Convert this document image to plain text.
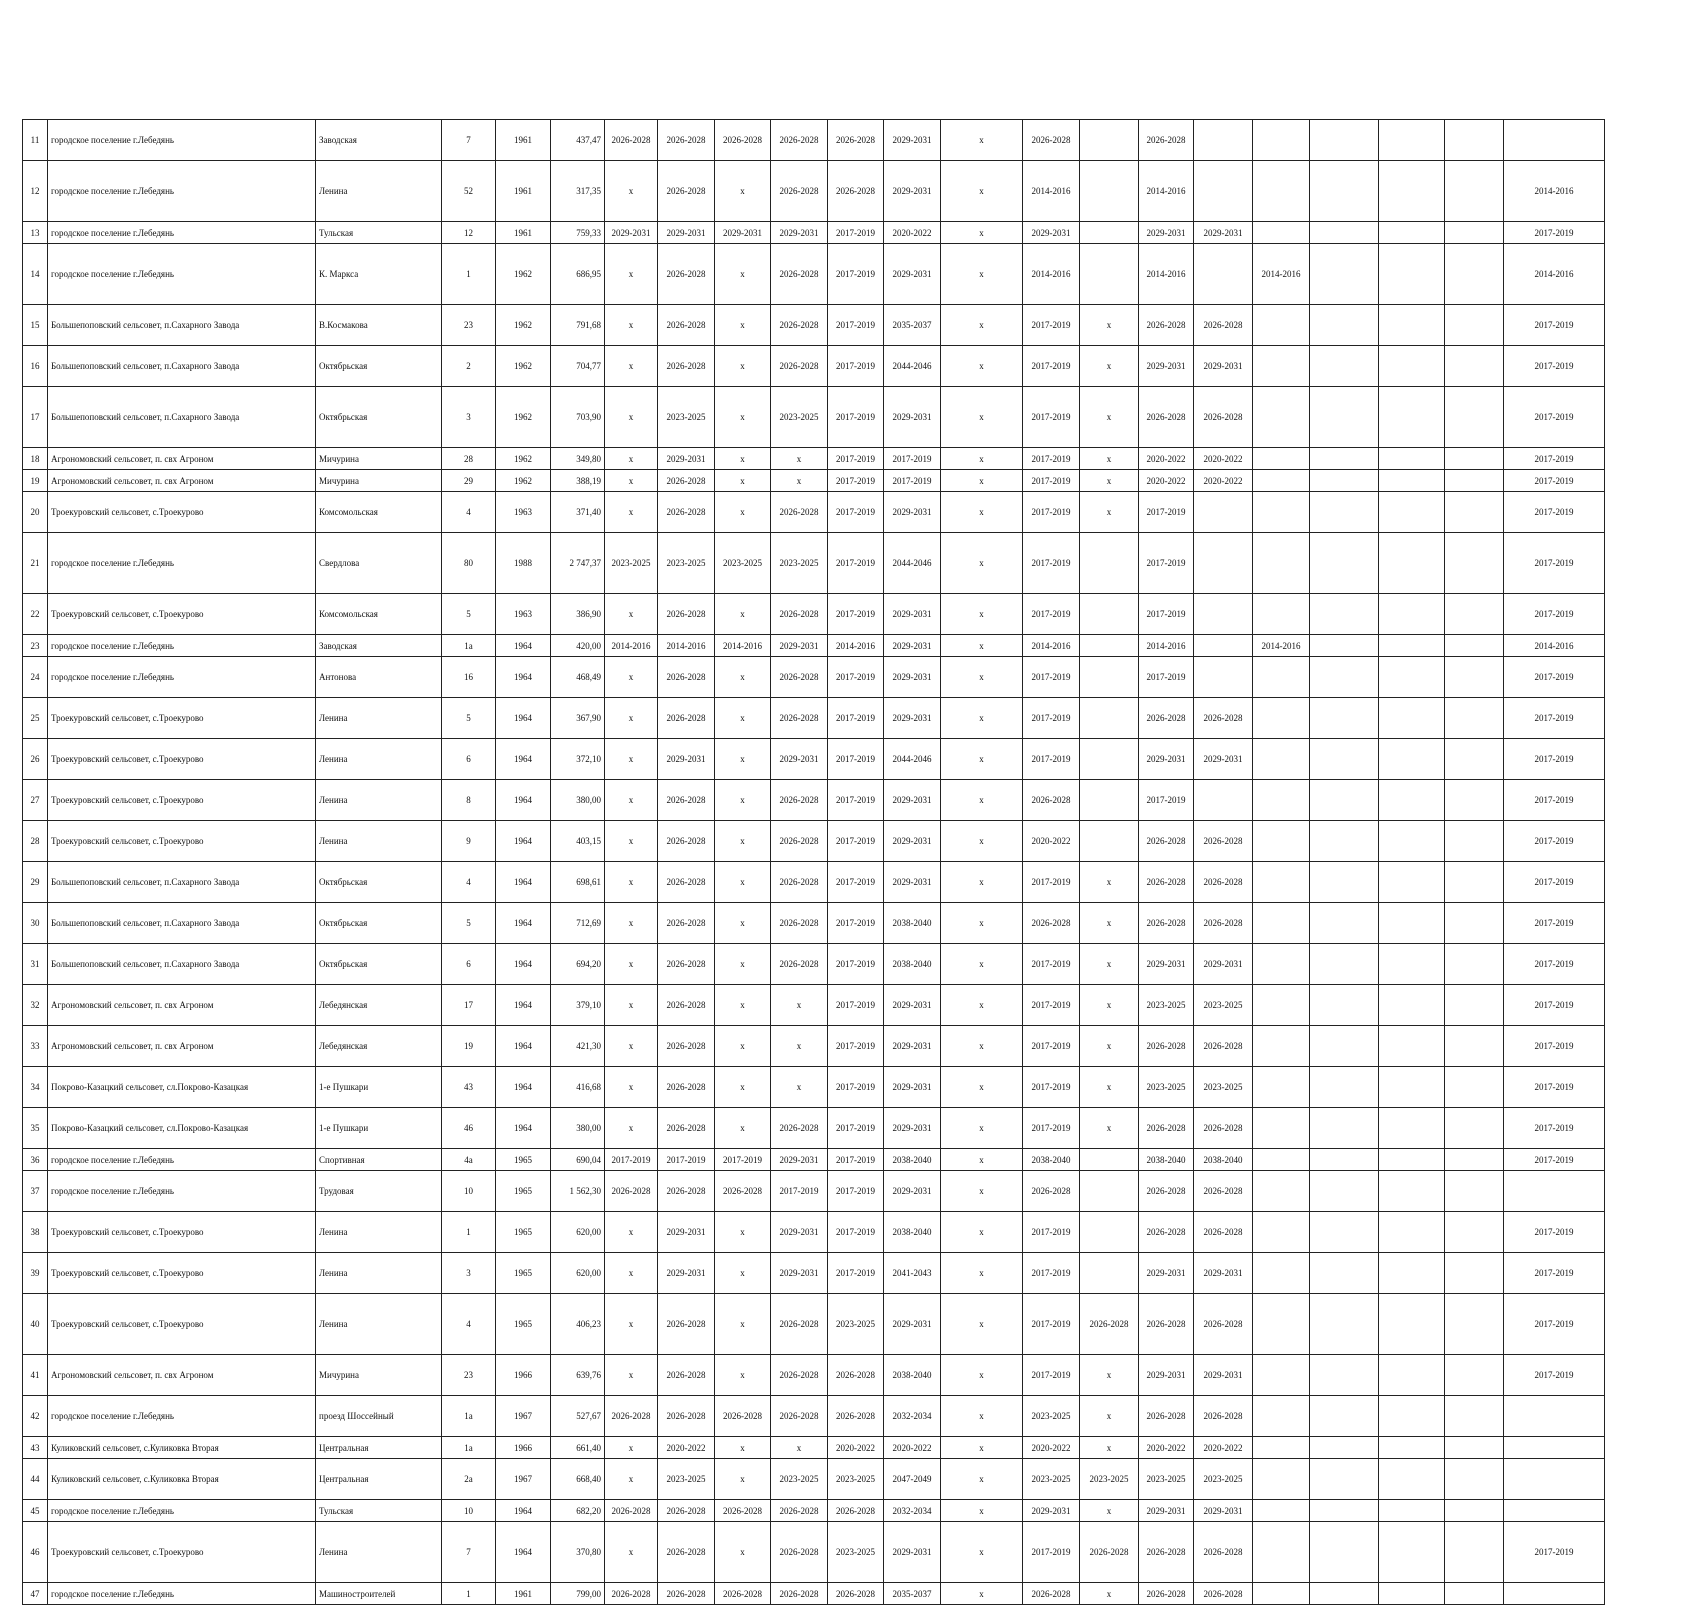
11	городское поселение г.Лебедянь	Заводская	7	1961	437,47	2026-2028	2026-2028	2026-2028	2026-2028	2026-2028	2029-2031	х	2026-2028		2026-2028							

12	городское поселение г.Лебедянь	Ленина	52	1961	317,35	х	2026-2028	х	2026-2028	2026-2028	2029-2031	х	2014-2016		2014-2016						2014-2016	

13	городское поселение г.Лебедянь	Тульская	12	1961	759,33	2029-2031	2029-2031	2029-2031	2029-2031	2017-2019	2020-2022	х	2029-2031		2029-2031	2029-2031					2017-2019	

14	городское поселение г.Лебедянь	К. Маркса	1	1962	686,95	х	2026-2028	х	2026-2028	2017-2019	2029-2031	х	2014-2016		2014-2016		2014-2016				2014-2016	

15	Большепоповский сельсовет, п.Сахарного Завода	В.Космакова	23	1962	791,68	х	2026-2028	х	2026-2028	2017-2019	2035-2037	х	2017-2019	х	2026-2028	2026-2028					2017-2019	

16	Большепоповский сельсовет, п.Сахарного Завода	Октябрьская	2	1962	704,77	х	2026-2028	х	2026-2028	2017-2019	2044-2046	х	2017-2019	х	2029-2031	2029-2031					2017-2019	

17	Большепоповский сельсовет, п.Сахарного Завода	Октябрьская	3	1962	703,90	х	2023-2025	х	2023-2025	2017-2019	2029-2031	х	2017-2019	х	2026-2028	2026-2028					2017-2019	

18	Агрономовский сельсовет, п. свх Агроном	Мичурина	28	1962	349,80	х	2029-2031	х	х	2017-2019	2017-2019	х	2017-2019	х	2020-2022	2020-2022					2017-2019	

19	Агрономовский сельсовет, п. свх Агроном	Мичурина	29	1962	388,19	х	2026-2028	х	х	2017-2019	2017-2019	х	2017-2019	х	2020-2022	2020-2022					2017-2019	

20	Троекуровский сельсовет, с.Троекурово	Комсомольская	4	1963	371,40	х	2026-2028	х	2026-2028	2017-2019	2029-2031	х	2017-2019	х	2017-2019						2017-2019	

21	городское поселение г.Лебедянь	Свердлова	80	1988	2 747,37	2023-2025	2023-2025	2023-2025	2023-2025	2017-2019	2044-2046	х	2017-2019		2017-2019						2017-2019	

22	Троекуровский сельсовет, с.Троекурово	Комсомольская	5	1963	386,90	х	2026-2028	х	2026-2028	2017-2019	2029-2031	х	2017-2019		2017-2019						2017-2019	

23	городское поселение г.Лебедянь	Заводская	1а	1964	420,00	2014-2016	2014-2016	2014-2016	2029-2031	2014-2016	2029-2031	х	2014-2016		2014-2016		2014-2016				2014-2016	

24	городское поселение г.Лебедянь	Антонова	16	1964	468,49	х	2026-2028	х	2026-2028	2017-2019	2029-2031	х	2017-2019		2017-2019						2017-2019	

25	Троекуровский сельсовет, с.Троекурово	Ленина	5	1964	367,90	х	2026-2028	х	2026-2028	2017-2019	2029-2031	х	2017-2019		2026-2028	2026-2028					2017-2019	

26	Троекуровский сельсовет, с.Троекурово	Ленина	6	1964	372,10	х	2029-2031	х	2029-2031	2017-2019	2044-2046	х	2017-2019		2029-2031	2029-2031					2017-2019	

27	Троекуровский сельсовет, с.Троекурово	Ленина	8	1964	380,00	х	2026-2028	х	2026-2028	2017-2019	2029-2031	х	2026-2028		2017-2019						2017-2019	

28	Троекуровский сельсовет, с.Троекурово	Ленина	9	1964	403,15	х	2026-2028	х	2026-2028	2017-2019	2029-2031	х	2020-2022		2026-2028	2026-2028					2017-2019	

29	Большепоповский сельсовет, п.Сахарного Завода	Октябрьская	4	1964	698,61	х	2026-2028	х	2026-2028	2017-2019	2029-2031	х	2017-2019	х	2026-2028	2026-2028					2017-2019	

30	Большепоповский сельсовет, п.Сахарного Завода	Октябрьская	5	1964	712,69	х	2026-2028	х	2026-2028	2017-2019	2038-2040	х	2026-2028	х	2026-2028	2026-2028					2017-2019	

31	Большепоповский сельсовет, п.Сахарного Завода	Октябрьская	6	1964	694,20	х	2026-2028	х	2026-2028	2017-2019	2038-2040	х	2017-2019	х	2029-2031	2029-2031					2017-2019	

32	Агрономовский сельсовет, п. свх Агроном	Лебедянская	17	1964	379,10	х	2026-2028	х	х	2017-2019	2029-2031	х	2017-2019	х	2023-2025	2023-2025					2017-2019	

33	Агрономовский сельсовет, п. свх Агроном	Лебедянская	19	1964	421,30	х	2026-2028	х	х	2017-2019	2029-2031	х	2017-2019	х	2026-2028	2026-2028					2017-2019	

34	Покрово-Казацкий сельсовет, сл.Покрово-Казацкая	1-е Пушкари	43	1964	416,68	х	2026-2028	х	х	2017-2019	2029-2031	х	2017-2019	х	2023-2025	2023-2025					2017-2019	

35	Покрово-Казацкий сельсовет, сл.Покрово-Казацкая	1-е Пушкари	46	1964	380,00	х	2026-2028	х	2026-2028	2017-2019	2029-2031	х	2017-2019	х	2026-2028	2026-2028					2017-2019	

36	городское поселение г.Лебедянь	Спортивная	4а	1965	690,04	2017-2019	2017-2019	2017-2019	2029-2031	2017-2019	2038-2040	х	2038-2040		2038-2040	2038-2040					2017-2019	

37	городское поселение г.Лебедянь	Трудовая	10	1965	1 562,30	2026-2028	2026-2028	2026-2028	2017-2019	2017-2019	2029-2031	х	2026-2028		2026-2028	2026-2028						

38	Троекуровский сельсовет, с.Троекурово	Ленина	1	1965	620,00	х	2029-2031	х	2029-2031	2017-2019	2038-2040	х	2017-2019		2026-2028	2026-2028					2017-2019	

39	Троекуровский сельсовет, с.Троекурово	Ленина	3	1965	620,00	х	2029-2031	х	2029-2031	2017-2019	2041-2043	х	2017-2019		2029-2031	2029-2031					2017-2019	

40	Троекуровский сельсовет, с.Троекурово	Ленина	4	1965	406,23	х	2026-2028	х	2026-2028	2023-2025	2029-2031	х	2017-2019	2026-2028	2026-2028	2026-2028					2017-2019	

41	Агрономовский сельсовет, п. свх Агроном	Мичурина	23	1966	639,76	х	2026-2028	х	2026-2028	2026-2028	2038-2040	х	2017-2019	х	2029-2031	2029-2031					2017-2019	

42	городское поселение г.Лебедянь	проезд Шоссейный	1а	1967	527,67	2026-2028	2026-2028	2026-2028	2026-2028	2026-2028	2032-2034	х	2023-2025	х	2026-2028	2026-2028						

43	Куликовский сельсовет, с.Куликовка Вторая	Центральная	1а	1966	661,40	х	2020-2022	х	х	2020-2022	2020-2022	х	2020-2022	х	2020-2022	2020-2022						

44	Куликовский сельсовет, с.Куликовка Вторая	Центральная	2а	1967	668,40	х	2023-2025	х	2023-2025	2023-2025	2047-2049	х	2023-2025	2023-2025	2023-2025	2023-2025						

45	городское поселение г.Лебедянь	Тульская	10	1964	682,20	2026-2028	2026-2028	2026-2028	2026-2028	2026-2028	2032-2034	х	2029-2031	х	2029-2031	2029-2031						

46	Троекуровский сельсовет, с.Троекурово	Ленина	7	1964	370,80	х	2026-2028	х	2026-2028	2023-2025	2029-2031	х	2017-2019	2026-2028	2026-2028	2026-2028					2017-2019	

47	городское поселение г.Лебедянь	Машиностроителей	1	1961	799,00	2026-2028	2026-2028	2026-2028	2026-2028	2026-2028	2035-2037	х	2026-2028	х	2026-2028	2026-2028						
